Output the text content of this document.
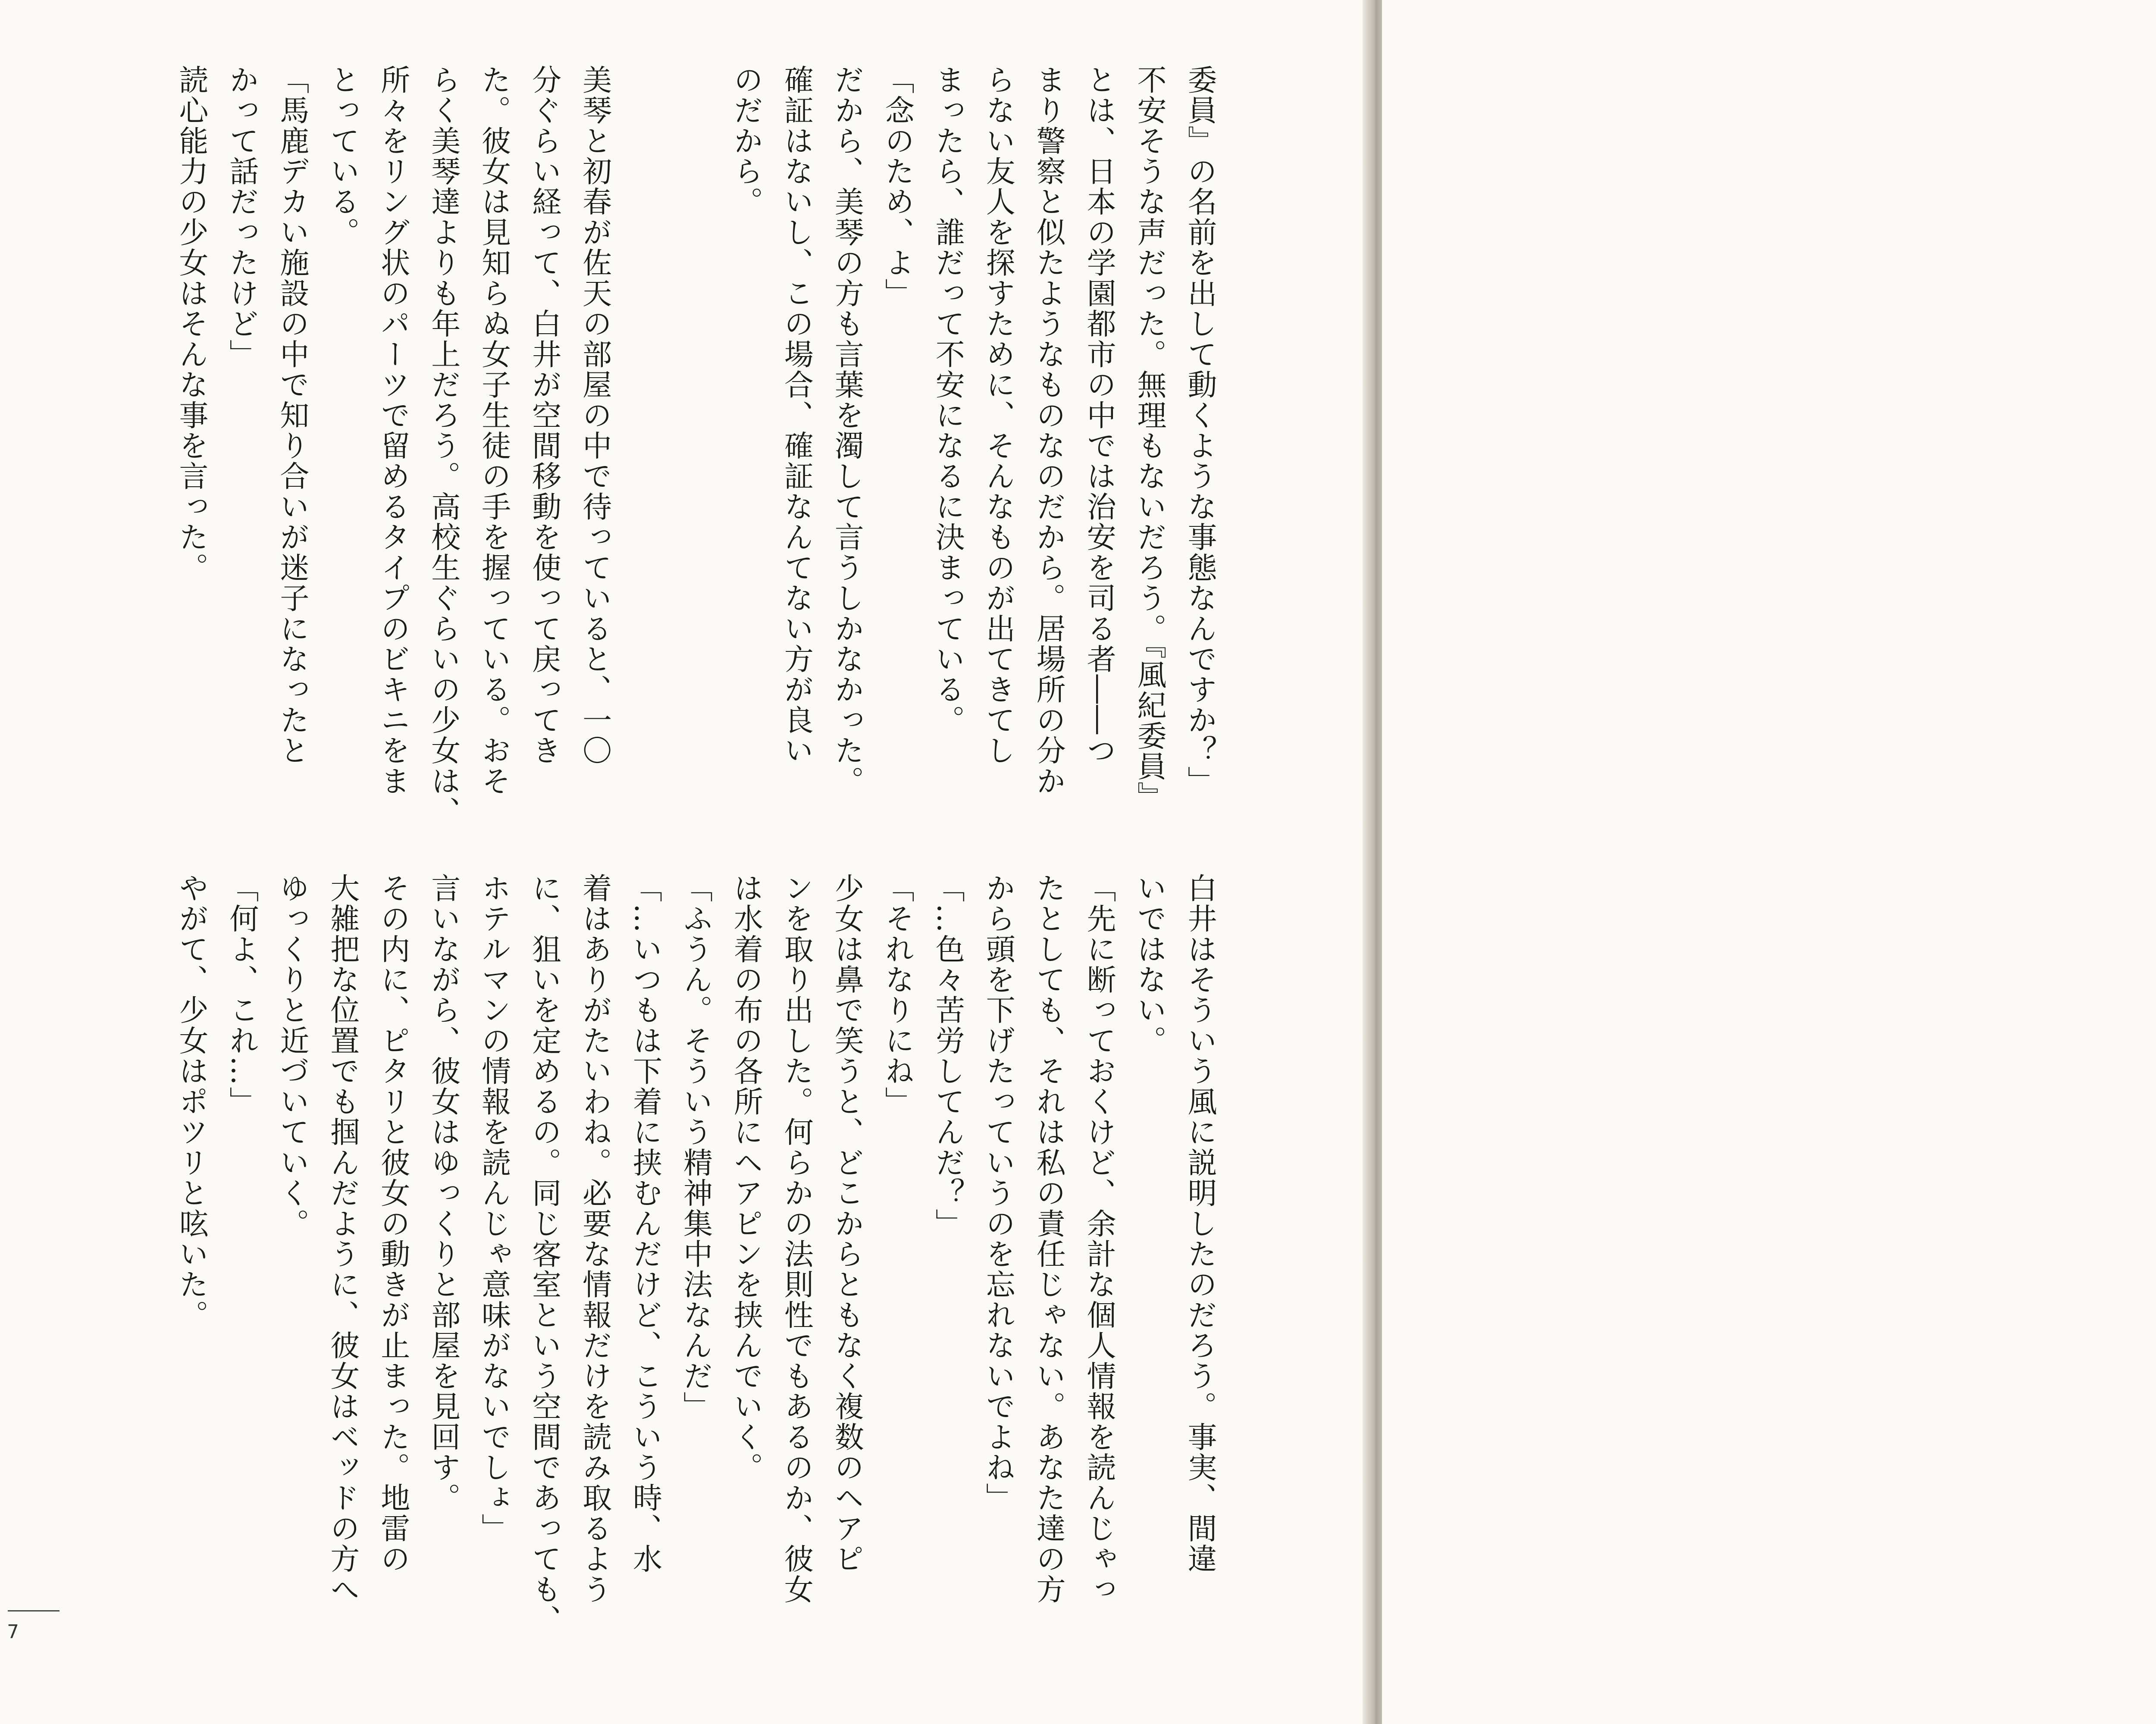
委員』の名前を出して動くような事態なんですか？」

不安そうな声だった。無理もないだろう。『風紀委員』

とは、日本の学園都市の中では治安を司る者――つ

まり警察と似たようなものなのだから。居場所の分か

らない友人を探すために、そんなものが出てきてし

まったら、誰だって不安になるに決まっている。

「念のため、よ」

だから、美琴の方も言葉を濁して言うしかなかった。

確証はないし、この場合、確証なんてない方が良い

のだから。

美琴と初春が佐天の部屋の中で待っていると、一〇

分ぐらい経って、白井が空間移動を使って戻ってき

た。彼女は見知らぬ女子生徒の手を握っている。おそ

らく美琴達よりも年上だろう。高校生ぐらいの少女は、

所々をリング状のパーツで留めるタイプのビキニをま

とっている。

「馬鹿デカい施設の中で知り合いが迷子になったと

かって話だったけど」

読心能力の少女はそんな事を言った。

白井はそういう風に説明したのだろう。事実、間違

いではない。

「先に断っておくけど、余計な個人情報を読んじゃっ

たとしても、それは私の責任じゃない。あなた達の方

から頭を下げたっていうのを忘れないでよね」

「…色々苦労してんだ？」

「それなりにね」

少女は鼻で笑うと、どこからともなく複数のヘアピ

ンを取り出した。何らかの法則性でもあるのか、彼女

は水着の布の各所にヘアピンを挟んでいく。

「ふうん。そういう精神集中法なんだ」

「…いつもは下着に挟むんだけど、こういう時、水

着はありがたいわね。必要な情報だけを読み取るよう

に、狙いを定めるの。同じ客室という空間であっても、

ホテルマンの情報を読んじゃ意味がないでしょ」

言いながら、彼女はゆっくりと部屋を見回す。

その内に、ピタリと彼女の動きが止まった。地雷の

大雑把な位置でも掴んだように、彼女はベッドの方へ

ゆっくりと近づいていく。

「何よ、これ…」

やがて、少女はポツリと呟いた。

7
